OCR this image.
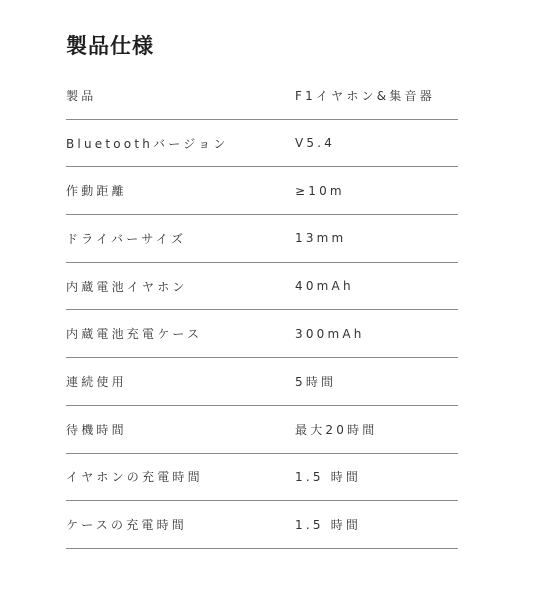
製品仕様
製品	F1イヤホン&集音器
Bluetoothバージョン	V5.4
作動距離	≥10m
ドライバーサイズ	13mm
内蔵電池イヤホン	40mAh
内蔵電池充電ケース	300mAh
連続使用	5時間
待機時間	最大20時間
イヤホンの充電時間	1.5 時間
ケースの充電時間	1.5 時間
